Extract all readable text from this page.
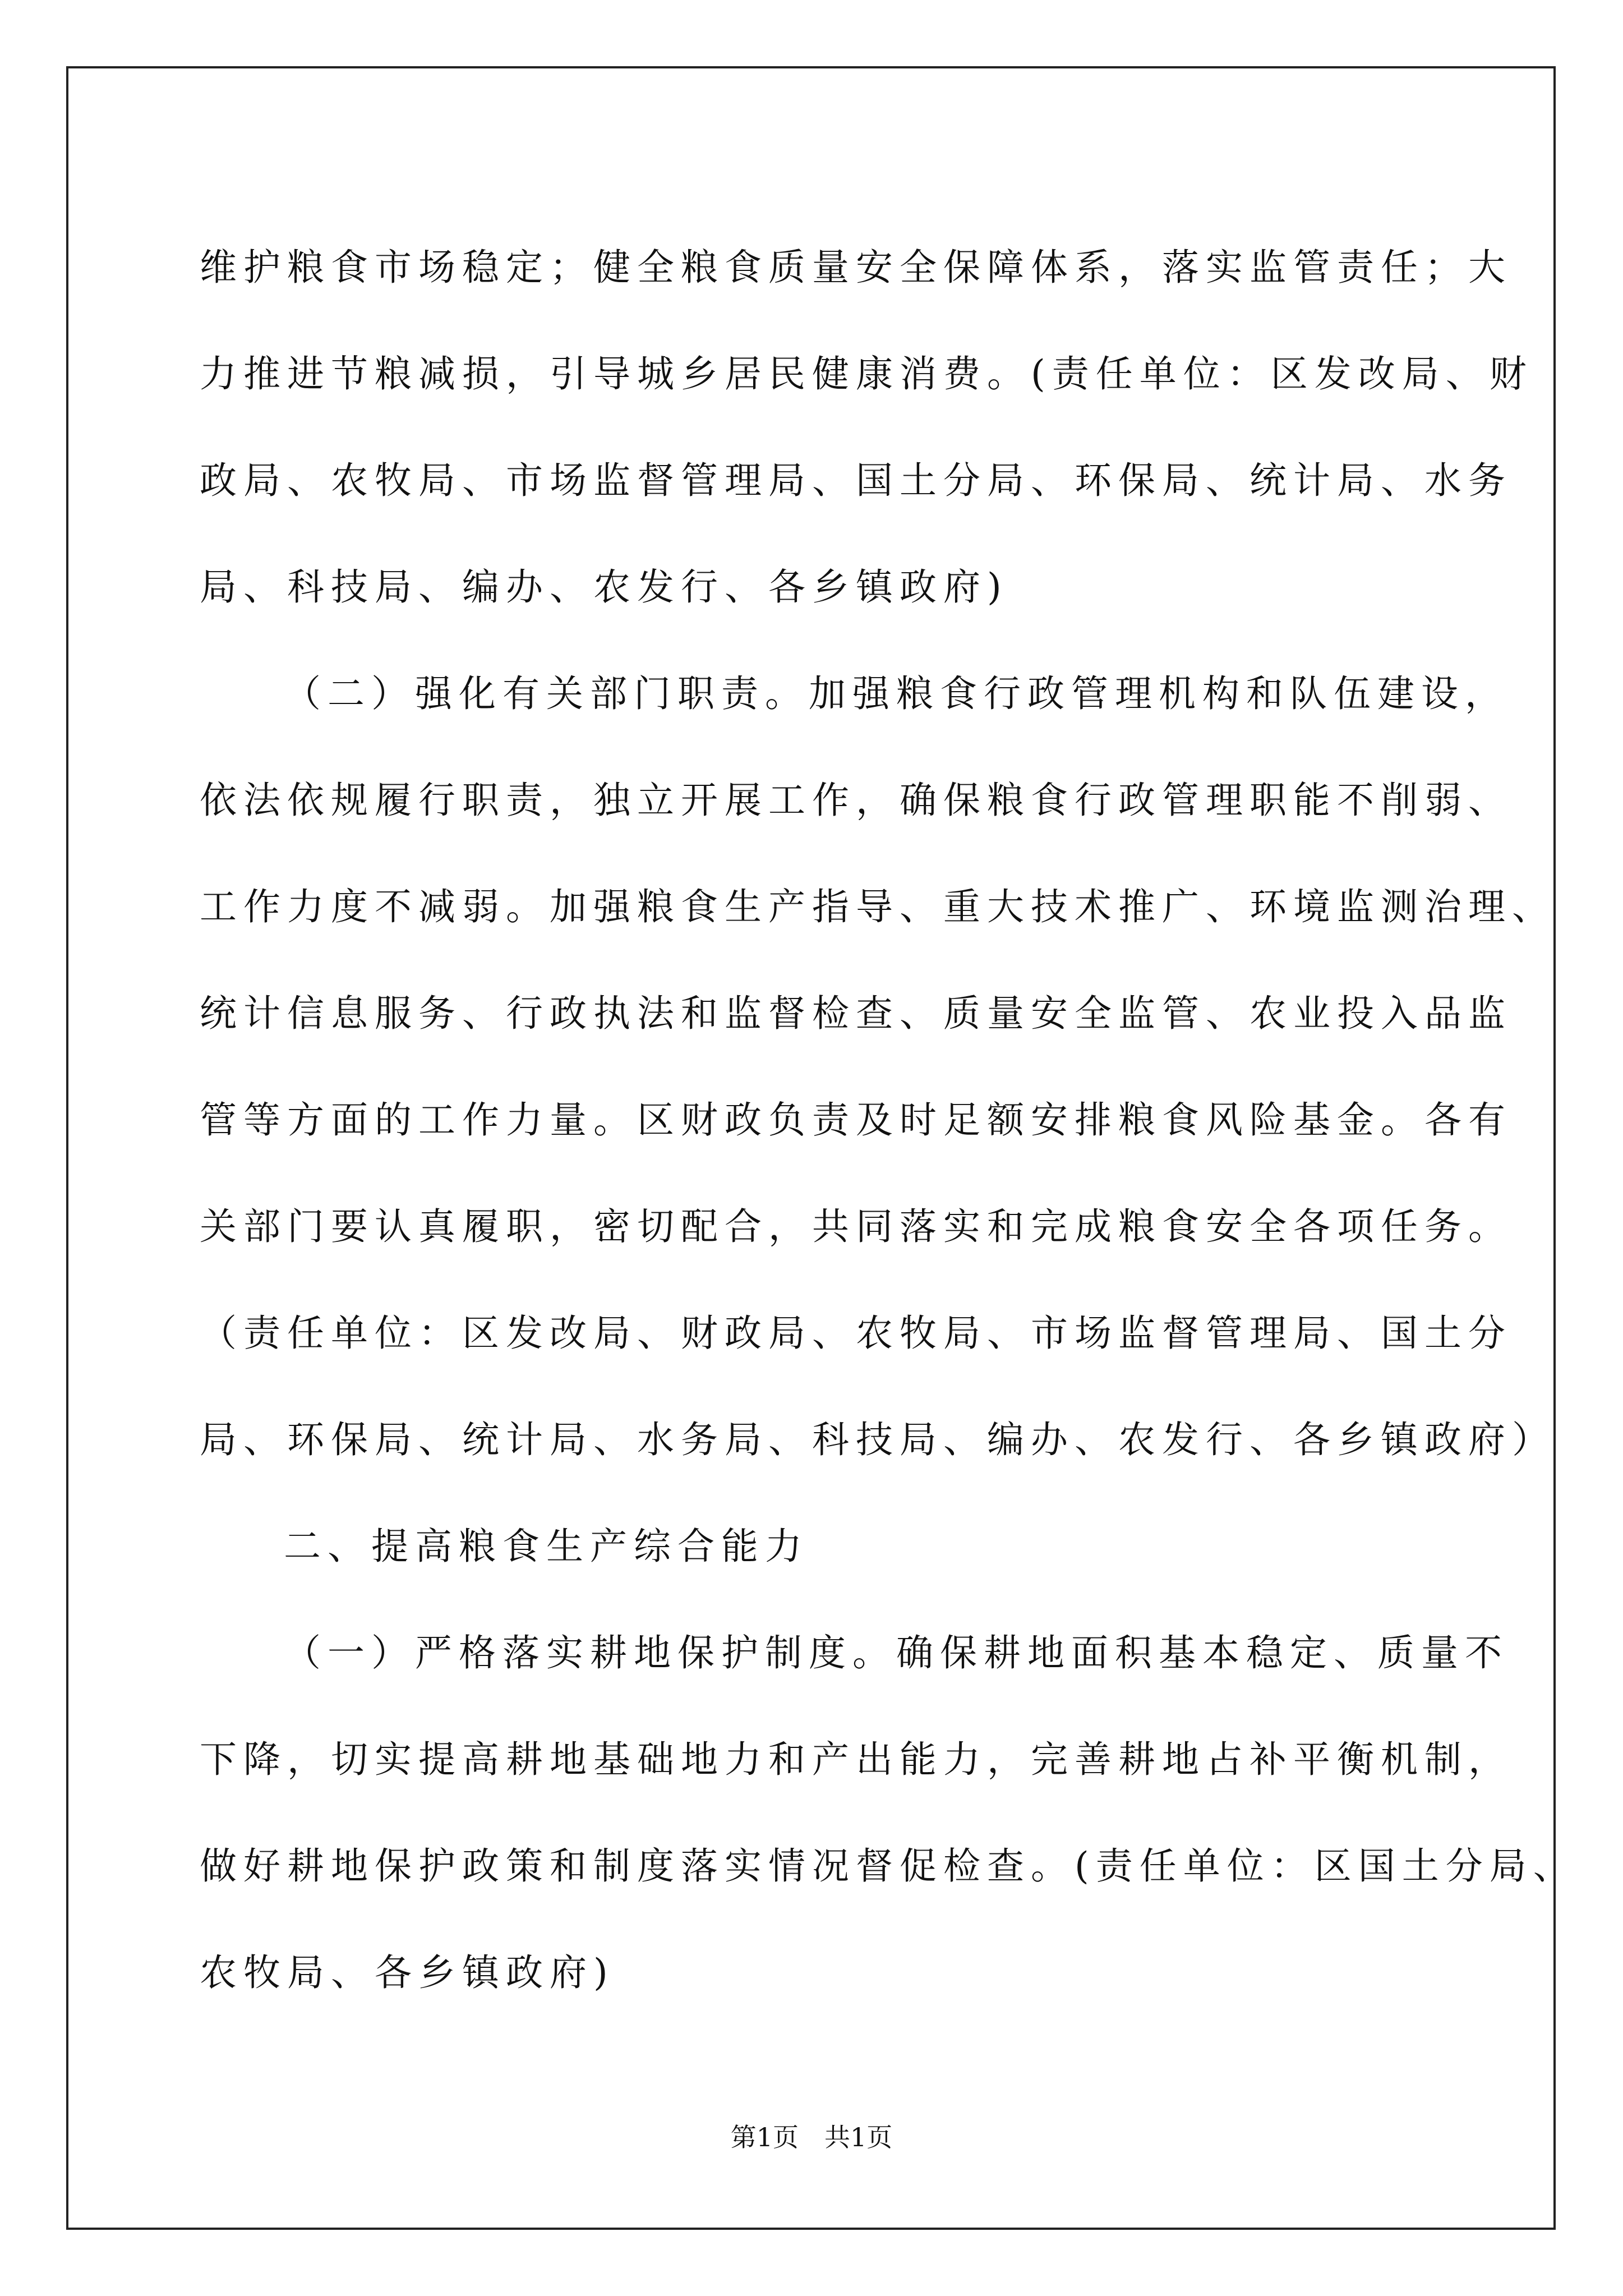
维护粮食市场稳定；健全粮食质量安全保障体系，落实监管责任；大
力推进节粮减损，引导城乡居民健康消费。(责任单位：区发改局、财
政局、农牧局、市场监督管理局、国土分局、环保局、统计局、水务
局、科技局、编办、农发行、各乡镇政府)
（二）强化有关部门职责。加强粮食行政管理机构和队伍建设，
依法依规履行职责，独立开展工作，确保粮食行政管理职能不削弱、
工作力度不减弱。加强粮食生产指导、重大技术推广、环境监测治理、
统计信息服务、行政执法和监督检查、质量安全监管、农业投入品监
管等方面的工作力量。区财政负责及时足额安排粮食风险基金。各有
关部门要认真履职，密切配合，共同落实和完成粮食安全各项任务。
（责任单位：区发改局、财政局、农牧局、市场监督管理局、国土分
局、环保局、统计局、水务局、科技局、编办、农发行、各乡镇政府）
二、提高粮食生产综合能力
（一）严格落实耕地保护制度。确保耕地面积基本稳定、质量不
下降，切实提高耕地基础地力和产出能力，完善耕地占补平衡机制，
做好耕地保护政策和制度落实情况督促检查。(责任单位：区国土分局、
农牧局、各乡镇政府)
第1页　共1页
